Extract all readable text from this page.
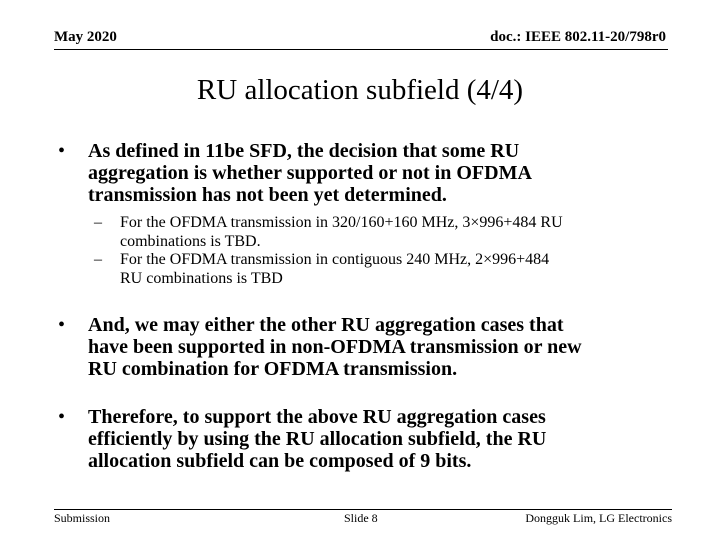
May 2020	doc.: IEEE 802.11-20/798r0
RU allocation subfield (4/4)
•	As defined in 11be SFD, the decision that some RU
aggregation is whether supported or not in OFDMA
transmission has not been yet determined.
–	For the OFDMA transmission in 320/160+160 MHz, 3×996+484 RU
combinations is TBD.
–	For the OFDMA transmission in contiguous 240 MHz, 2×996+484
RU combinations is TBD
•	And, we may either the other RU aggregation cases that
have been supported in non-OFDMA transmission or new
RU combination for OFDMA transmission.
•	Therefore, to support the above RU aggregation cases
efficiently by using the RU allocation subfield, the RU
allocation subfield can be composed of 9 bits.
Submission	Slide 8	Dongguk Lim, LG Electronics
